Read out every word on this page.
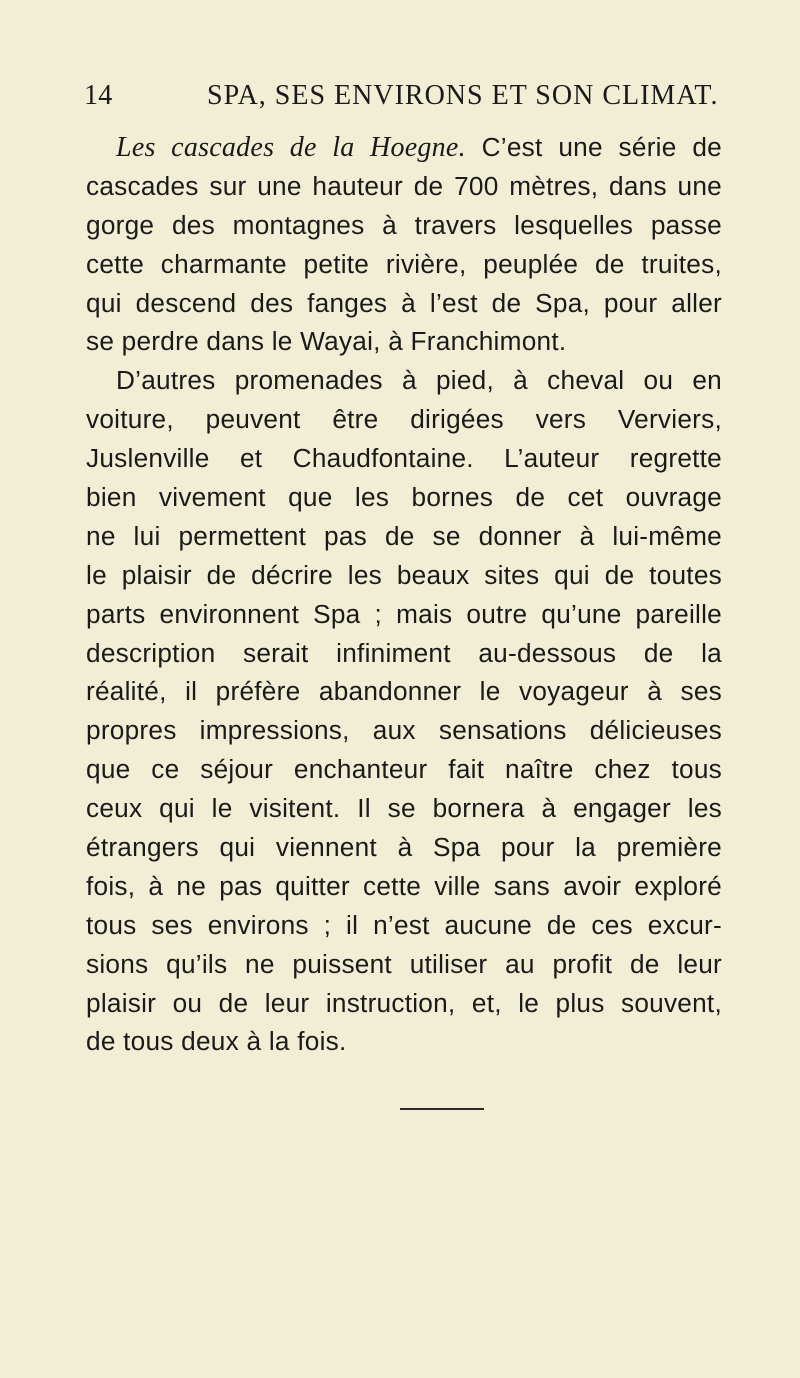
14	SPA, SES ENVIRONS ET SON CLIMAT.
Les cascades de la Hoegne. C’est une série de
cascades sur une hauteur de 700 mètres, dans une
gorge des montagnes à travers lesquelles passe
cette charmante petite rivière, peuplée de truites,
qui descend des fanges à l’est de Spa, pour aller
se perdre dans le Wayai, à Franchimont.
D’autres promenades à pied, à cheval ou en
voiture, peuvent être dirigées vers Verviers,
Juslenville et Chaudfontaine. L’auteur regrette
bien vivement que les bornes de cet ouvrage
ne lui permettent pas de se donner à lui-même
le plaisir de décrire les beaux sites qui de toutes
parts environnent Spa ; mais outre qu’une pareille
description serait infiniment au-dessous de la
réalité, il préfère abandonner le voyageur à ses
propres impressions, aux sensations délicieuses
que ce séjour enchanteur fait naître chez tous
ceux qui le visitent. Il se bornera à engager les
étrangers qui viennent à Spa pour la première
fois, à ne pas quitter cette ville sans avoir exploré
tous ses environs ; il n’est aucune de ces excur-
sions qu’ils ne puissent utiliser au profit de leur
plaisir ou de leur instruction, et, le plus souvent,
de tous deux à la fois.
